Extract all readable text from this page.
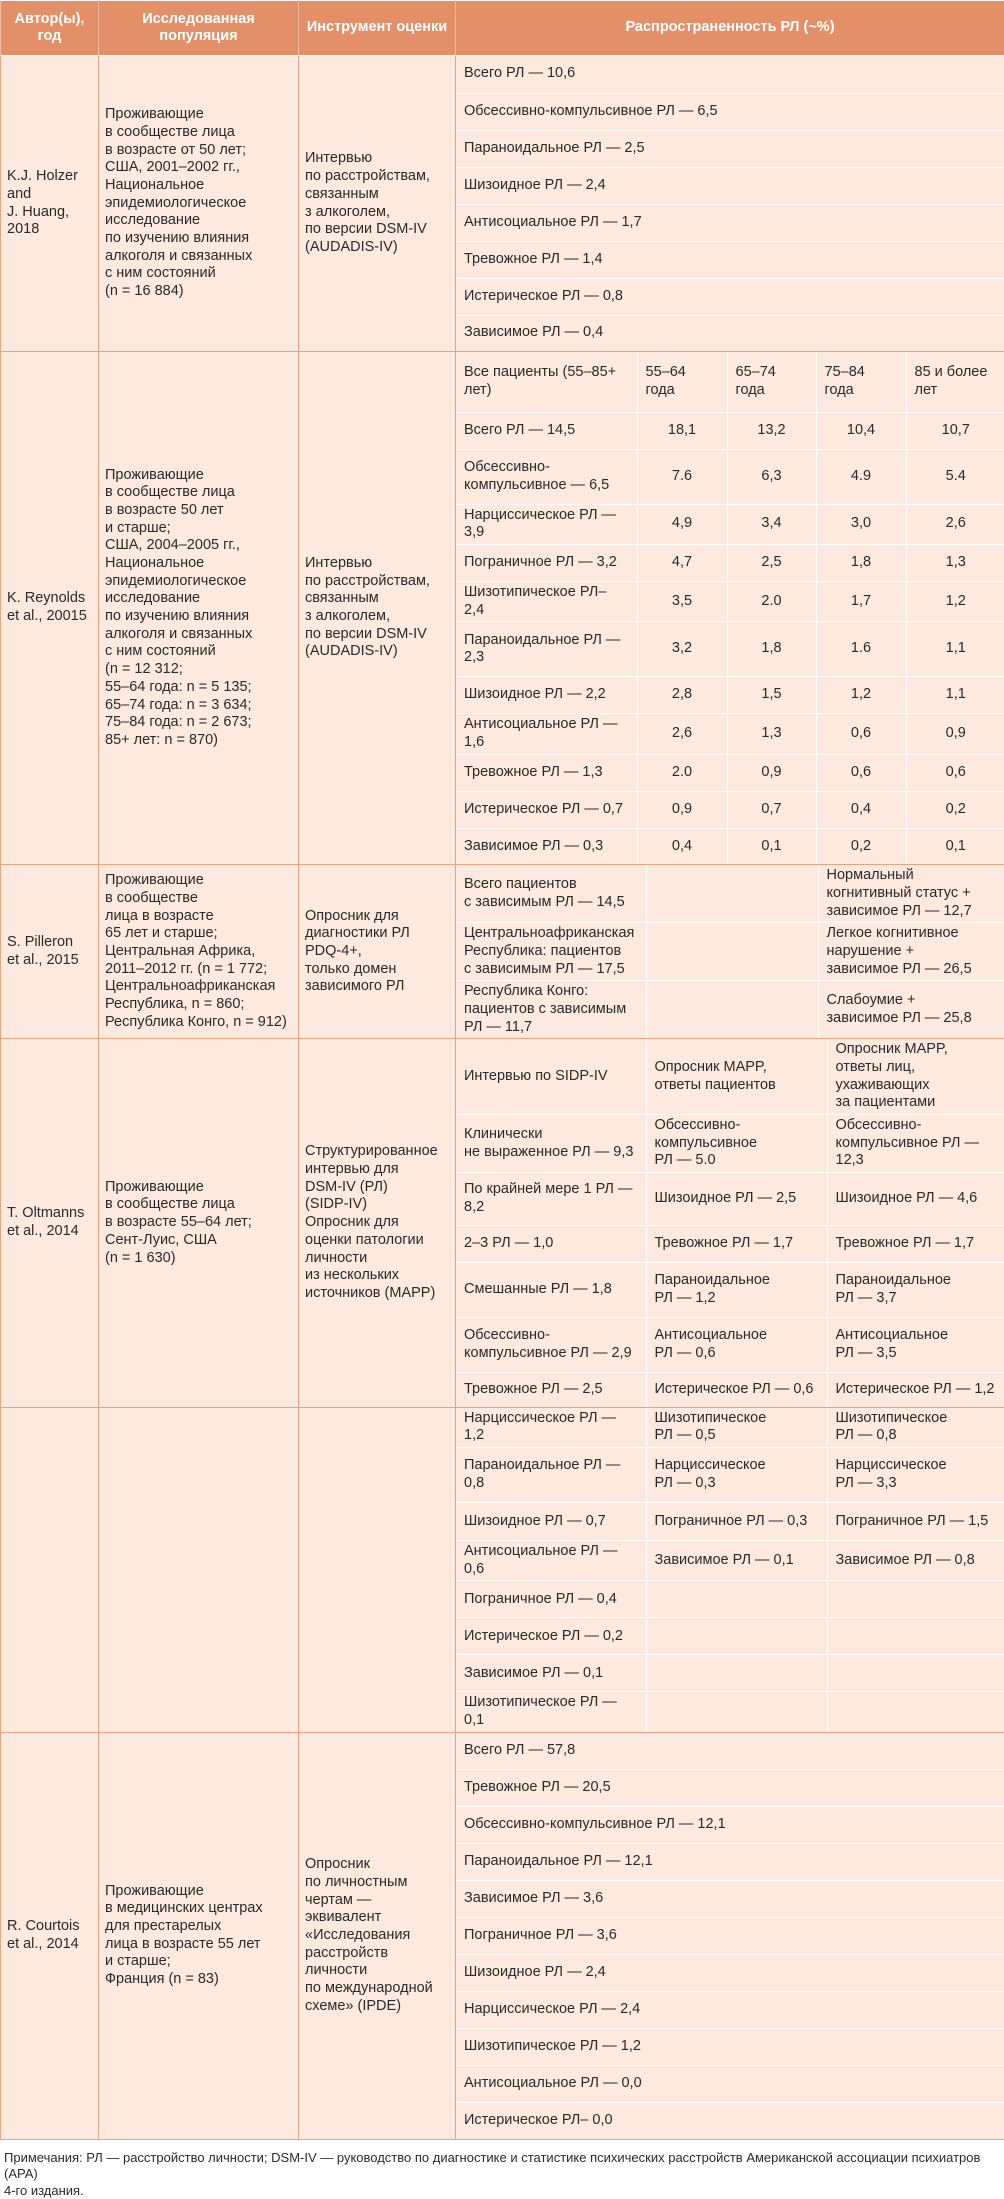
Автор(ы),
год	Исследованная
популяция	Инструмент оценки	Распространенность РЛ (~%)
K.J. Holzer
and
J. Huang,
2018	Проживающие
в сообществе лица
в возрасте от 50 лет;
США, 2001–2002 гг.,
Национальное
эпидемиологическое
исследование
по изучению влияния
алкоголя и связанных
с ним состояний
(n = 16 884)	Интервью
по расстройствам,
связанным
з алкоголем,
по версии DSM-IV
(AUDADIS-IV)	
Всего РЛ — 10,6
Обсессивно-компульсивное РЛ — 6,5
Параноидальное РЛ — 2,5
Шизоидное РЛ — 2,4
Антисоциальное РЛ — 1,7
Тревожное РЛ — 1,4
Истерическое РЛ — 0,8
Зависимое РЛ — 0,4

K. Reynolds
et al., 20015	Проживающие
в сообществе лица
в возрасте 50 лет
и старше;
США, 2004–2005 гг.,
Национальное
эпидемиологическое
исследование
по изучению влияния
алкоголя и связанных
с ним состояний
(n = 12 312;
55–64 года: n = 5 135;
65–74 года: n = 3 634;
75–84 года: n = 2 673;
85+ лет: n = 870)	Интервью
по расстройствам,
связанным
з алкоголем,
по версии DSM-IV
(AUDADIS-IV)	
Все пациенты (55–85+ лет)	55–64 года	65–74 года	75–84 года	85 и более лет
Всего РЛ — 14,5	18,1	13,2	10,4	10,7
Обсессивно-
компульсивное — 6,5	7.6	6,3	4.9	5.4
Нарциссическое РЛ — 3,9	4,9	3,4	3,0	2,6
Пограничное РЛ — 3,2	4,7	2,5	1,8	1,3
Шизотипическое РЛ– 2,4	3,5	2.0	1,7	1,2
Параноидальное РЛ —
2,3	3,2	1,8	1.6	1,1
Шизоидное РЛ — 2,2	2,8	1,5	1,2	1,1
Антисоциальное РЛ — 1,6	2,6	1,3	0,6	0,9
Тревожное РЛ — 1,3	2.0	0,9	0,6	0,6
Истерическое РЛ — 0,7	0,9	0,7	0,4	0,2
Зависимое РЛ — 0,3	0,4	0,1	0,2	0,1

S. Pilleron
et al., 2015	Проживающие
в сообществе
лица в возрасте
65 лет и старше;
Центральная Африка,
2011–2012 гг. (n = 1 772;
Центральноафриканская
Республика, n = 860;
Республика Конго, n = 912)	Опросник для
диагностики РЛ
PDQ-4+,
только домен
зависимого РЛ	
Всего пациентов
с зависимым РЛ — 14,5		Нормальный
когнитивный статус +
зависимое РЛ — 12,7
Центральноафриканская
Республика: пациентов
с зависимым РЛ — 17,5		Легкое когнитивное
нарушение +
зависимое РЛ — 26,5
Республика Конго:
пациентов с зависимым
РЛ — 11,7		Слабоумие +
зависимое РЛ — 25,8

T. Oltmanns
et al., 2014	Проживающие
в сообществе лица
в возрасте 55–64 лет;
Сент-Луис, США
(n = 1 630)	Структурированное
интервью для
DSM-IV (РЛ)
(SIDP-IV)
Опросник для
оценки патологии
личности
из нескольких
источников (MAPP)	
Интервью по SIDP-IV	Опросник MAPP,
ответы пациентов	Опросник MAPP,
ответы лиц,
ухаживающих
за пациентами
Клинически
не выраженное РЛ — 9,3	Обсессивно-
компульсивное
РЛ — 5.0	Обсессивно-
компульсивное РЛ —
12,3
По крайней мере 1 РЛ —
8,2	Шизоидное РЛ — 2,5	Шизоидное РЛ — 4,6
2–3 РЛ — 1,0	Тревожное РЛ — 1,7	Тревожное РЛ — 1,7
Смешанные РЛ — 1,8	Параноидальное
РЛ — 1,2	Параноидальное
РЛ — 3,7
Обсессивно-
компульсивное РЛ — 2,9	Антисоциальное
РЛ — 0,6	Антисоциальное
РЛ — 3,5
Тревожное РЛ — 2,5	Истерическое РЛ — 0,6	Истерическое РЛ — 1,2

Нарциссическое РЛ — 1,2	Шизотипическое
РЛ — 0,5	Шизотипическое
РЛ — 0,8
Параноидальное РЛ —
0,8	Нарциссическое
РЛ — 0,3	Нарциссическое
РЛ — 3,3
Шизоидное РЛ — 0,7	Пограничное РЛ — 0,3	Пограничное РЛ — 1,5
Антисоциальное РЛ — 0,6	Зависимое РЛ — 0,1	Зависимое РЛ — 0,8
Пограничное РЛ — 0,4		
Истерическое РЛ — 0,2		
Зависимое РЛ — 0,1		
Шизотипическое РЛ — 0,1		

R. Courtois
et al., 2014	Проживающие
в медицинских центрах
для престарелых
лица в возрасте 55 лет
и старше;
Франция (n = 83)	Опросник
по личностным
чертам —
эквивалент
«Исследования
расстройств
личности
по международной
схеме» (IPDE)	
Всего РЛ — 57,8
Тревожное РЛ — 20,5
Обсессивно-компульсивное РЛ — 12,1
Параноидальное РЛ — 12,1
Зависимое РЛ — 3,6
Пограничное РЛ — 3,6
Шизоидное РЛ — 2,4
Нарциссическое РЛ — 2,4
Шизотипическое РЛ — 1,2
Антисоциальное РЛ — 0,0
Истерическое РЛ– 0,0
Примечания: РЛ — расстройство личности; DSM-IV — руководство по диагностике и статистике психических расстройств Американской ассоциации психиатров (APA)
4-го издания.
